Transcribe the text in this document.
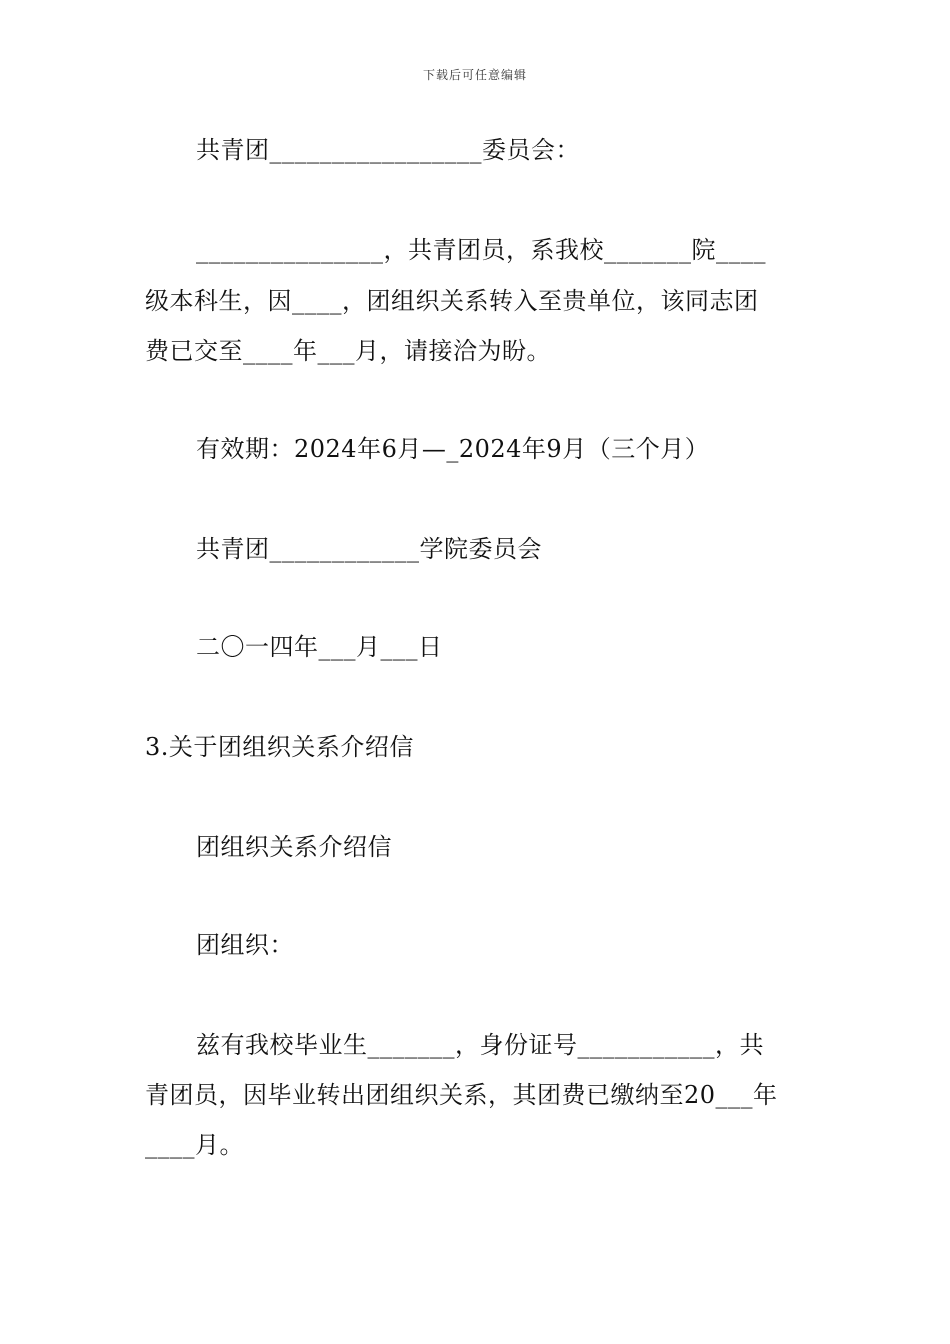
下载后可任意编辑
共青团_________________委员会：
_______________，共青团员，系我校_______院____
级本科生，因____，团组织关系转入至贵单位，该同志团
费已交至____年___月，请接洽为盼。
有效期：2024年6月—_2024年9月（三个月）
共青团____________学院委员会
二〇一四年___月___日
3.关于团组织关系介绍信
团组织关系介绍信
团组织：
兹有我校毕业生_______，身份证号___________，共
青团员，因毕业转出团组织关系，其团费已缴纳至20___年
____月。
